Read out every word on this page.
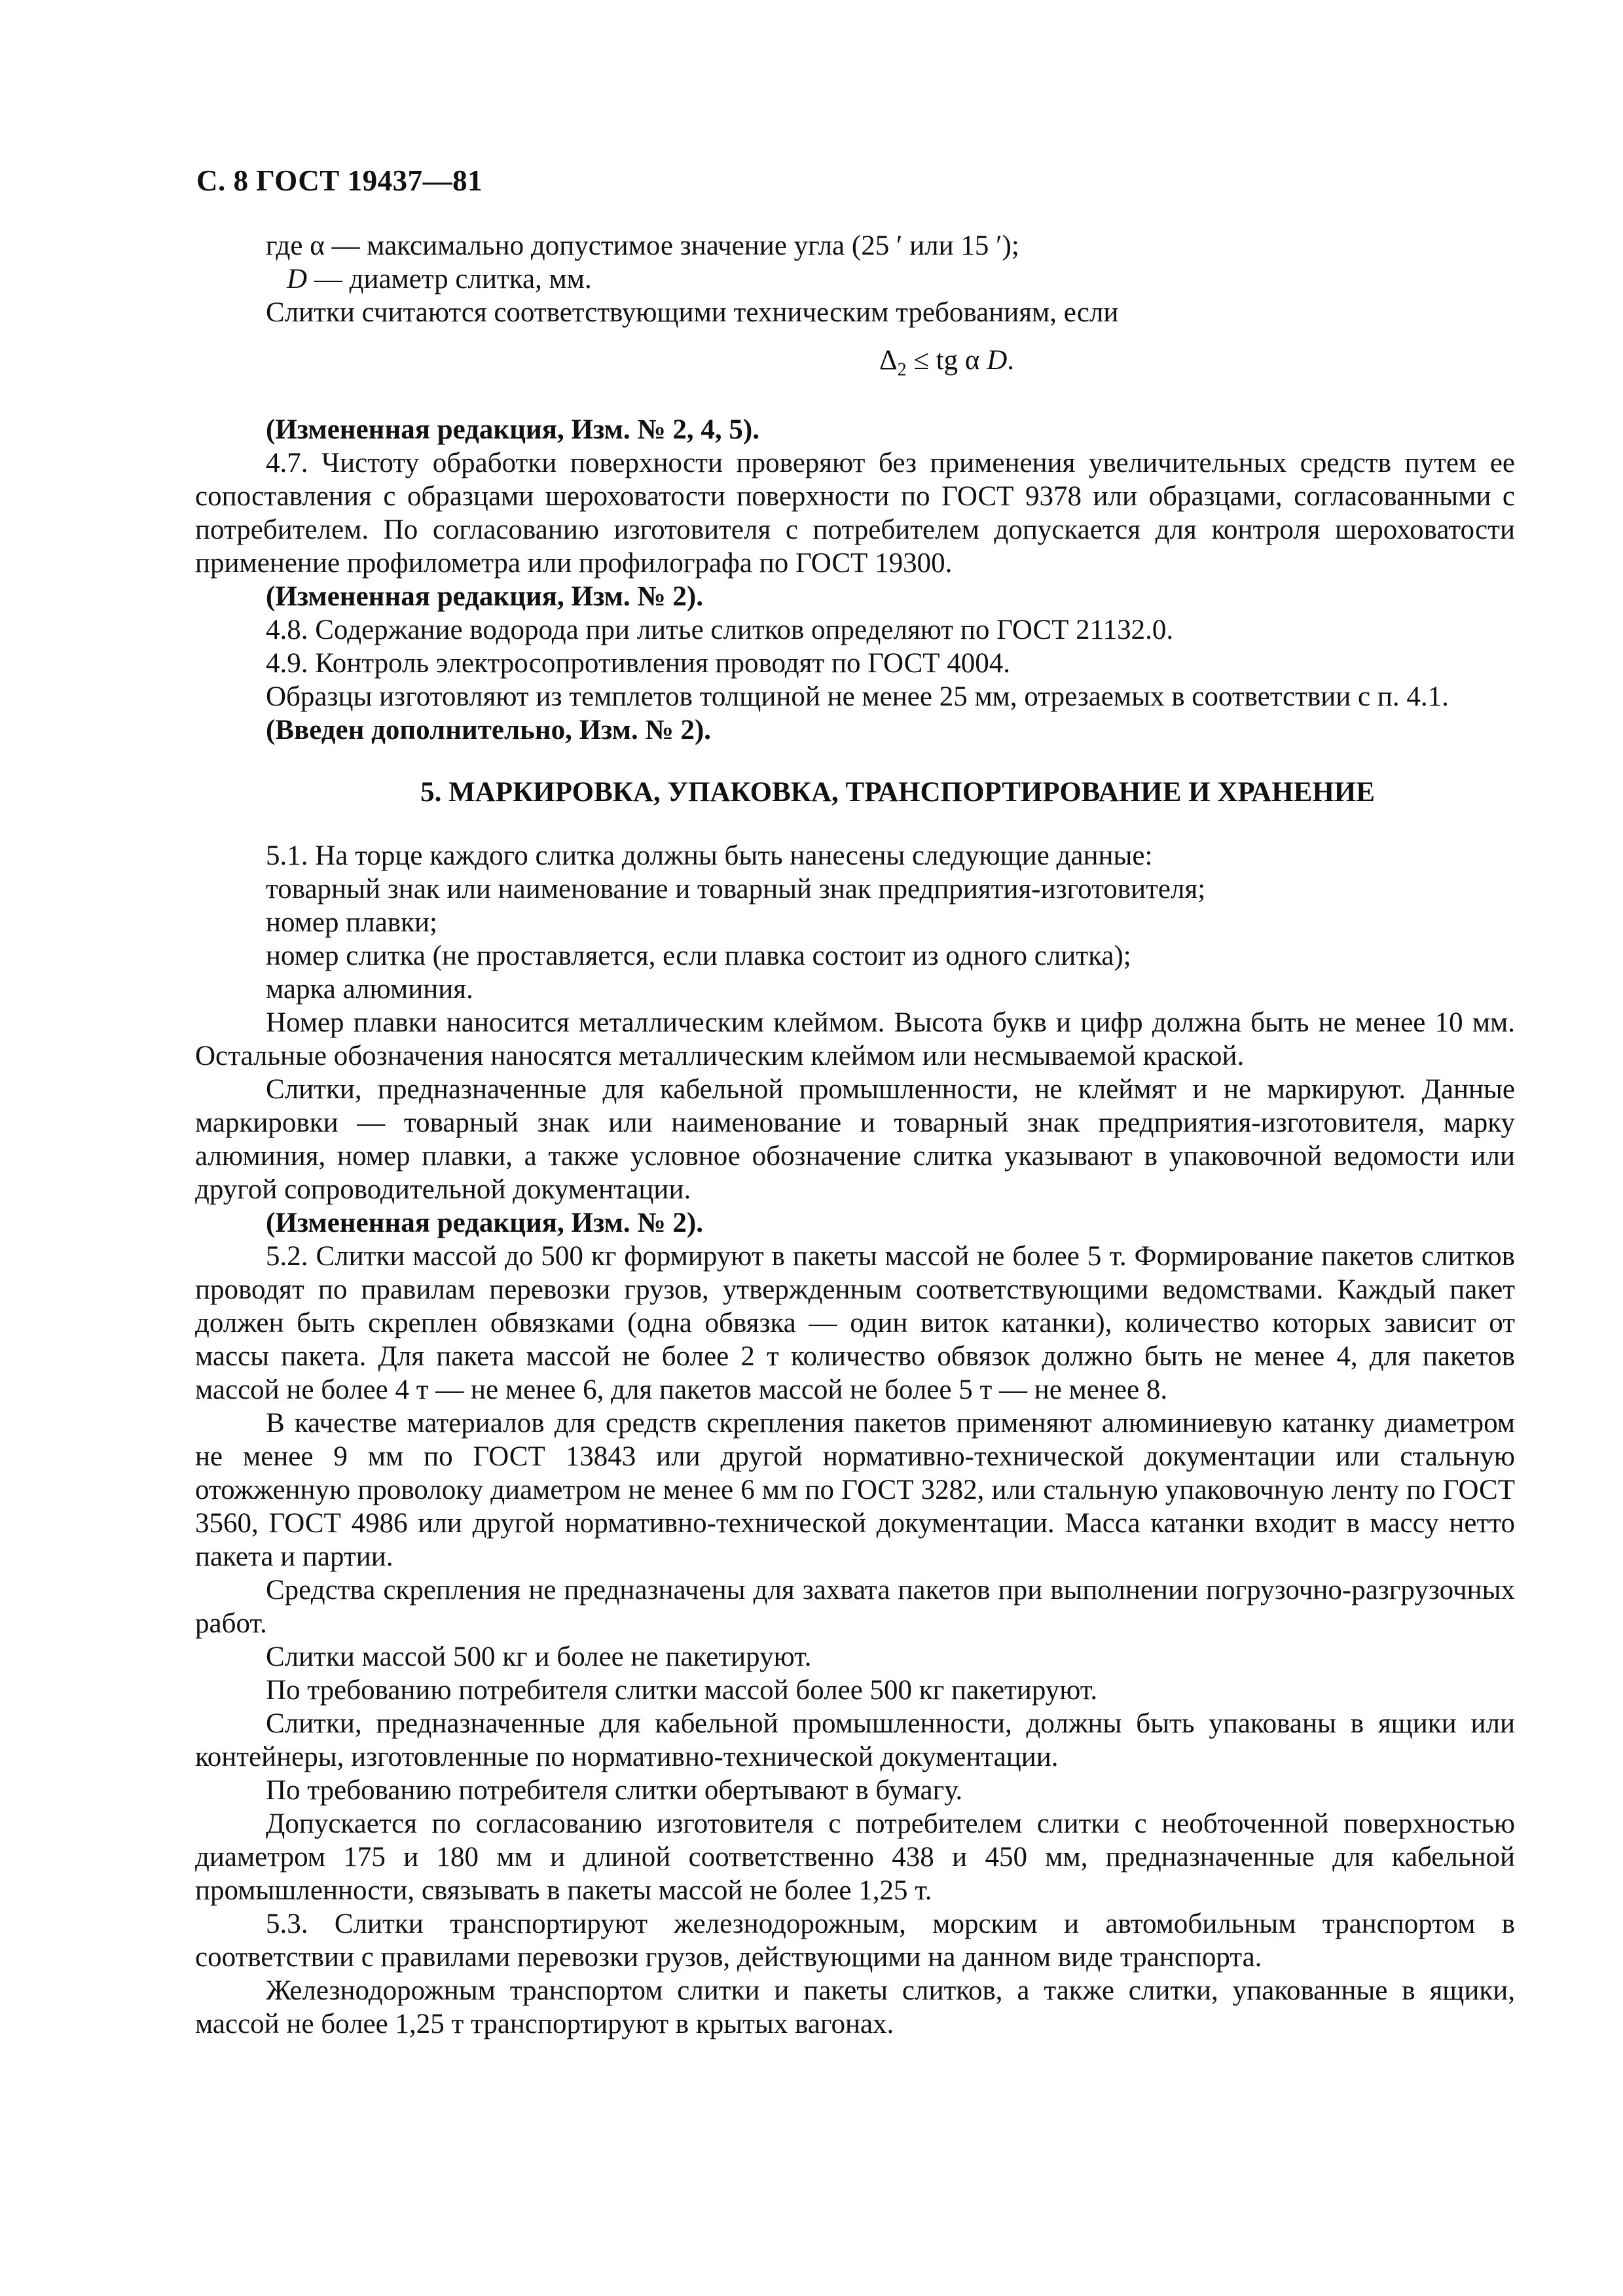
С. 8 ГОСТ 19437—81

где α — максимально допустимое значение угла (25 ′ или 15 ′);

D — диаметр слитка, мм.

Слитки считаются соответствующими техническим требованиям, если

$\Delta_2$ ≤ tg α D.

(Измененная редакция, Изм. № 2, 4, 5).

4.7. Чистоту обработки поверхности проверяют без применения увеличительных средств путем ее сопоставления с образцами шероховатости поверхности по ГОСТ 9378 или образцами, согласованными с потребителем. По согласованию изготовителя с потребителем допускается для контроля шероховатости применение профилометра или профилографа по ГОСТ 19300.

(Измененная редакция, Изм. № 2).

4.8. Содержание водорода при литье слитков определяют по ГОСТ 21132.0.

4.9. Контроль электросопротивления проводят по ГОСТ 4004.

Образцы изготовляют из темплетов толщиной не менее 25 мм, отрезаемых в соответствии с п. 4.1.

(Введен дополнительно, Изм. № 2).

5. МАРКИРОВКА, УПАКОВКА, ТРАНСПОРТИРОВАНИЕ И ХРАНЕНИЕ

5.1. На торце каждого слитка должны быть нанесены следующие данные:

товарный знак или наименование и товарный знак предприятия-изготовителя;

номер плавки;

номер слитка (не проставляется, если плавка состоит из одного слитка);

марка алюминия.

Номер плавки наносится металлическим клеймом. Высота букв и цифр должна быть не менее 10 мм. Остальные обозначения наносятся металлическим клеймом или несмываемой краской.

Слитки, предназначенные для кабельной промышленности, не клеймят и не маркируют. Данные маркировки — товарный знак или наименование и товарный знак предприятия-изготовителя, марку алюминия, номер плавки, а также условное обозначение слитка указывают в упаковочной ведомости или другой сопроводительной документации.

(Измененная редакция, Изм. № 2).

5.2. Слитки массой до 500 кг формируют в пакеты массой не более 5 т. Формирование пакетов слитков проводят по правилам перевозки грузов, утвержденным соответствующими ведомствами. Каждый пакет должен быть скреплен обвязками (одна обвязка — один виток катанки), количество которых зависит от массы пакета. Для пакета массой не более 2 т количество обвязок должно быть не менее 4, для пакетов массой не более 4 т — не менее 6, для пакетов массой не более 5 т — не менее 8.

В качестве материалов для средств скрепления пакетов применяют алюминиевую катанку диаметром не менее 9 мм по ГОСТ 13843 или другой нормативно-технической документации или стальную отожженную проволоку диаметром не менее 6 мм по ГОСТ 3282, или стальную упаковочную ленту по ГОСТ 3560, ГОСТ 4986 или другой нормативно-технической документации. Масса катанки входит в массу нетто пакета и партии.

Средства скрепления не предназначены для захвата пакетов при выполнении погрузочно-разгрузочных работ.

Слитки массой 500 кг и более не пакетируют.

По требованию потребителя слитки массой более 500 кг пакетируют.

Слитки, предназначенные для кабельной промышленности, должны быть упакованы в ящики или контейнеры, изготовленные по нормативно-технической документации.

По требованию потребителя слитки обертывают в бумагу.

Допускается по согласованию изготовителя с потребителем слитки с необточенной поверхностью диаметром 175 и 180 мм и длиной соответственно 438 и 450 мм, предназначенные для кабельной промышленности, связывать в пакеты массой не более 1,25 т.

5.3. Слитки транспортируют железнодорожным, морским и автомобильным транспортом в соответствии с правилами перевозки грузов, действующими на данном виде транспорта.

Железнодорожным транспортом слитки и пакеты слитков, а также слитки, упакованные в ящики, массой не более 1,25 т транспортируют в крытых вагонах.
